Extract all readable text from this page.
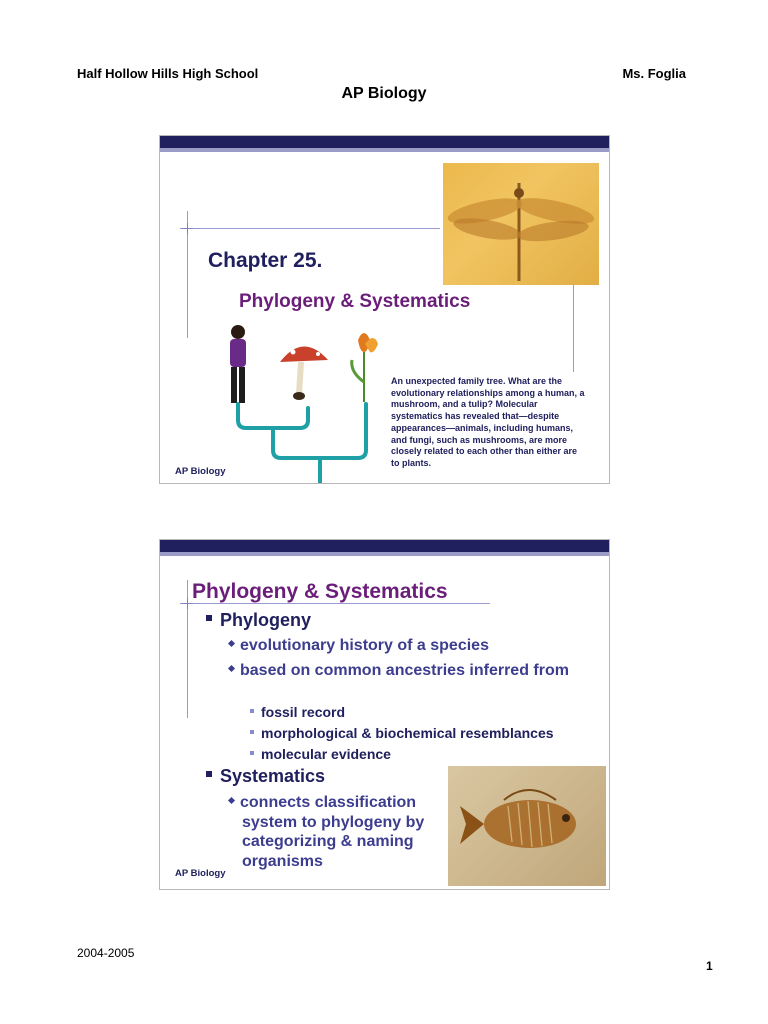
Half Hollow Hills High School	Ms. Foglia
AP Biology
Chapter 25.
Phylogeny & Systematics
An unexpected family tree. What are the evolutionary relationships among a human, a mushroom, and a tulip? Molecular systematics has revealed that—despite appearances—animals, including humans, and fungi, such as mushrooms, are more closely related to each other than either are to plants.
AP Biology
Phylogeny & Systematics
Phylogeny
evolutionary history of a species
based on common ancestries inferred from
fossil record
morphological & biochemical resemblances
molecular evidence
Systematics
connects classification system to phylogeny by categorizing & naming organisms
AP Biology
2004-2005
1
